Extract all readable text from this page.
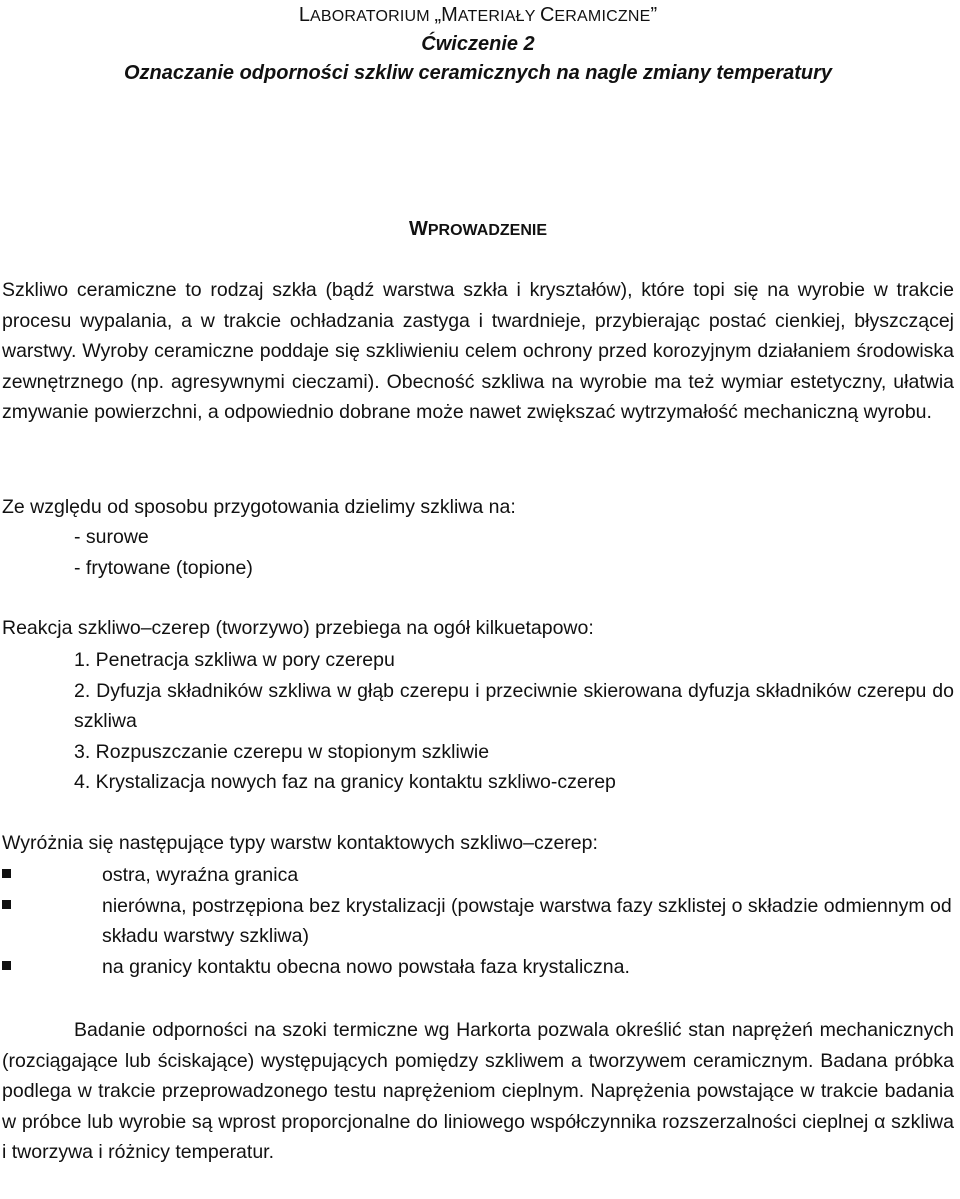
LABORATORIUM „MATERIAŁY CERAMICZNE”
Ćwiczenie 2
Oznaczanie odporności szkliw ceramicznych na nagle zmiany temperatury
WPROWADZENIE
Szkliwo ceramiczne to rodzaj szkła (bądź warstwa szkła i kryształów), które topi się na wyrobie w trakcie procesu wypalania, a w trakcie ochładzania zastyga i twardnieje, przybierając postać cienkiej, błyszczącej warstwy. Wyroby ceramiczne poddaje się szkliwieniu celem ochrony przed korozyjnym działaniem środowiska zewnętrznego (np. agresywnymi cieczami). Obecność szkliwa na wyrobie ma też wymiar estetyczny, ułatwia zmywanie powierzchni, a odpowiednio dobrane może nawet zwiększać wytrzymałość mechaniczną wyrobu.
Ze względu od sposobu przygotowania dzielimy szkliwa na:
- surowe
- frytowane (topione)
Reakcja szkliwo–czerep (tworzywo) przebiega na ogół kilkuetapowo:
1. Penetracja szkliwa w pory czerepu
2. Dyfuzja składników szkliwa w głąb czerepu i przeciwnie skierowana dyfuzja składników czerepu do szkliwa
3. Rozpuszczanie czerepu w stopionym szkliwie
4. Krystalizacja nowych faz na granicy kontaktu szkliwo-czerep
Wyróżnia się następujące typy warstw kontaktowych szkliwo–czerep:
ostra, wyraźna granica
nierówna, postrzępiona bez krystalizacji (powstaje warstwa fazy szklistej o składzie odmiennym od składu warstwy szkliwa)
na granicy kontaktu obecna nowo powstała faza krystaliczna.
Badanie odporności na szoki termiczne wg Harkorta pozwala określić stan naprężeń mechanicznych (rozciągające lub ściskające) występujących pomiędzy szkliwem a tworzywem ceramicznym. Badana próbka podlega w trakcie przeprowadzonego testu naprężeniom cieplnym. Naprężenia powstające w trakcie badania w próbce lub wyrobie są wprost proporcjonalne do liniowego współczynnika rozszerzalności cieplnej α szkliwa i tworzywa i różnicy temperatur.
